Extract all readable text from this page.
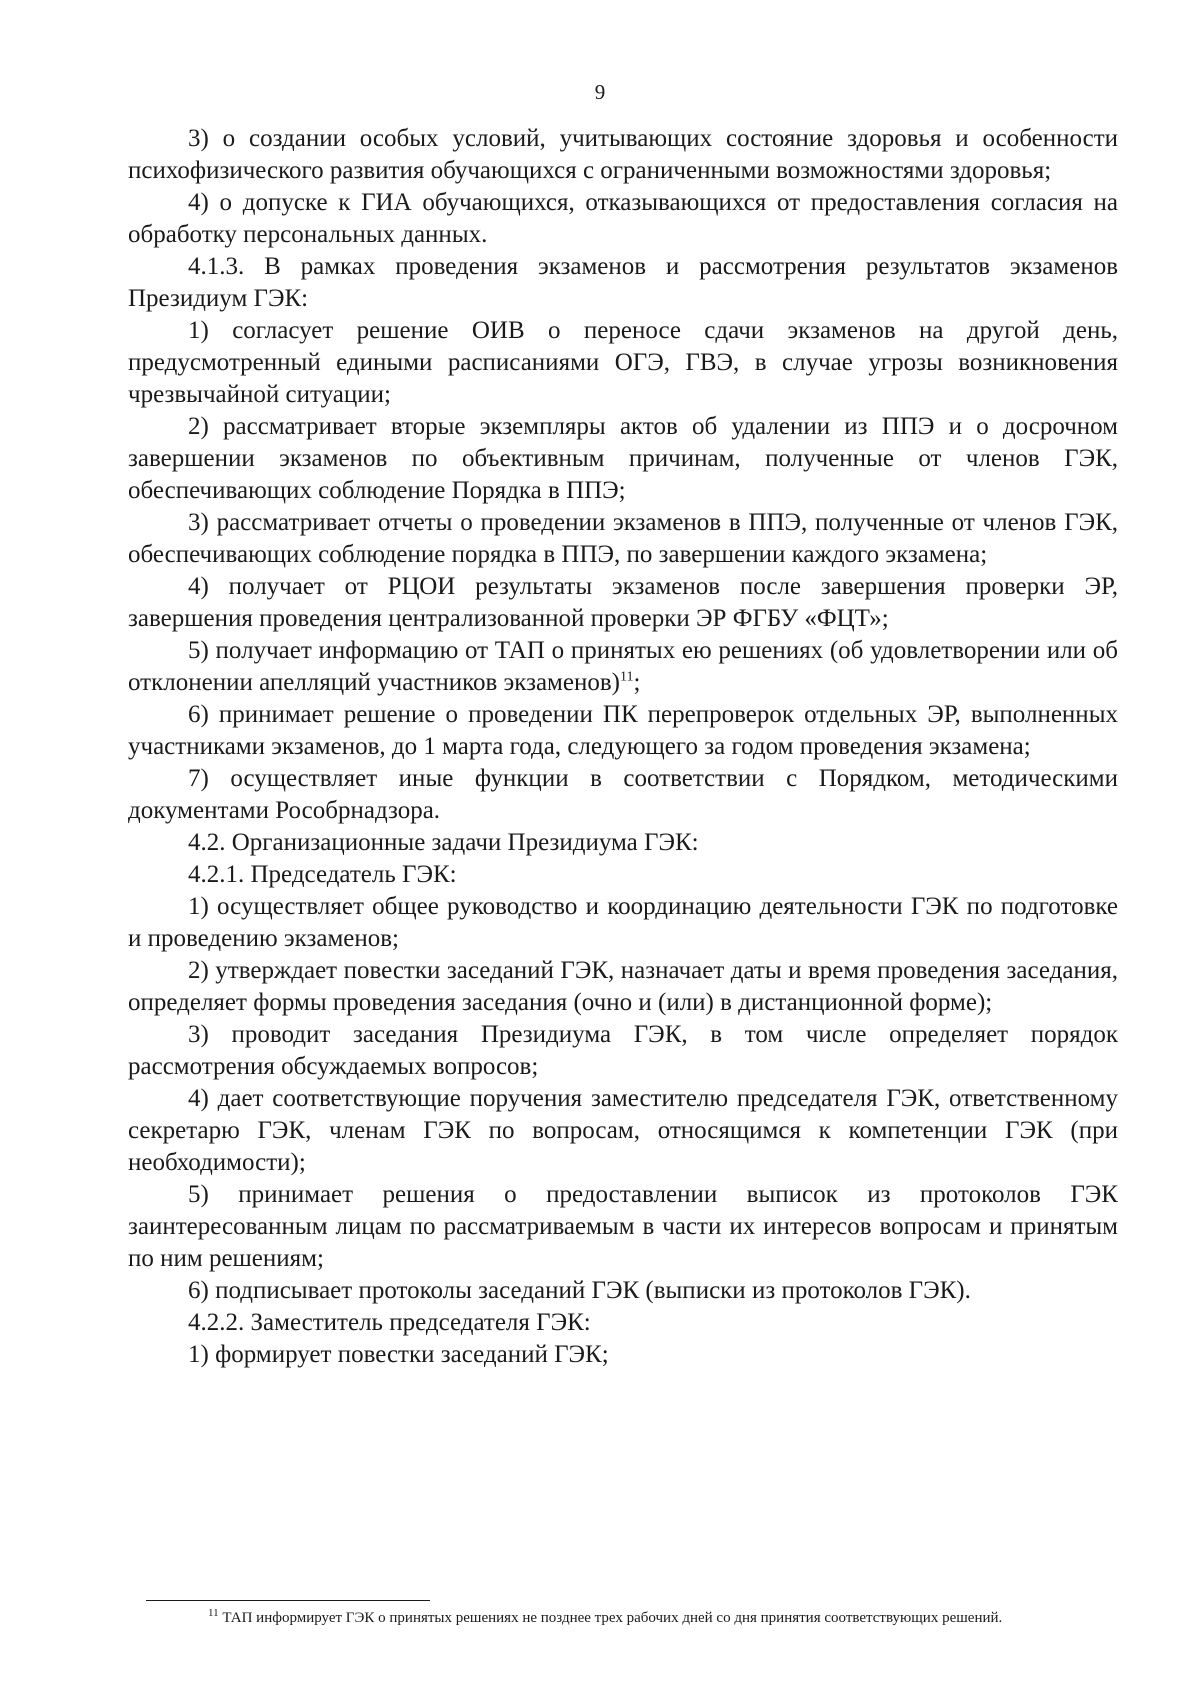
9

3) о создании особых условий, учитывающих состояние здоровья и особенности психофизического развития обучающихся с ограниченными возможностями здоровья;

4) о допуске к ГИА обучающихся, отказывающихся от предоставления согласия на обработку персональных данных.

4.1.3. В рамках проведения экзаменов и рассмотрения результатов экзаменов Президиум ГЭК:

1) согласует решение ОИВ о переносе сдачи экзаменов на другой день, предусмотренный едиными расписаниями ОГЭ, ГВЭ, в случае угрозы возникновения чрезвычайной ситуации;

2) рассматривает вторые экземпляры актов об удалении из ППЭ и о досрочном завершении экзаменов по объективным причинам, полученные от членов ГЭК, обеспечивающих соблюдение Порядка в ППЭ;

3) рассматривает отчеты о проведении экзаменов в ППЭ, полученные от членов ГЭК, обеспечивающих соблюдение порядка в ППЭ, по завершении каждого экзамена;

4) получает от РЦОИ результаты экзаменов после завершения проверки ЭР, завершения проведения централизованной проверки ЭР ФГБУ «ФЦТ»;

5) получает информацию от ТАП о принятых ею решениях (об удовлетворении или об отклонении апелляций участников экзаменов)$^{11}$;

6) принимает решение о проведении ПК перепроверок отдельных ЭР, выполненных участниками экзаменов, до 1 марта года, следующего за годом проведения экзамена;

7) осуществляет иные функции в соответствии с Порядком, методическими документами Рособрнадзора.

4.2. Организационные задачи Президиума ГЭК:

4.2.1. Председатель ГЭК:

1) осуществляет общее руководство и координацию деятельности ГЭК по подготовке и проведению экзаменов;

2) утверждает повестки заседаний ГЭК, назначает даты и время проведения заседания, определяет формы проведения заседания (очно и (или) в дистанционной форме);

3) проводит заседания Президиума ГЭК, в том числе определяет порядок рассмотрения обсуждаемых вопросов;

4) дает соответствующие поручения заместителю председателя ГЭК, ответственному секретарю ГЭК, членам ГЭК по вопросам, относящимся к компетенции ГЭК (при необходимости);

5) принимает решения о предоставлении выписок из протоколов ГЭК заинтересованным лицам по рассматриваемым в части их интересов вопросам и принятым по ним решениям;

6) подписывает протоколы заседаний ГЭК (выписки из протоколов ГЭК).

4.2.2. Заместитель председателя ГЭК:

1) формирует повестки заседаний ГЭК;

$^{11}$ ТАП информирует ГЭК о принятых решениях не позднее трех рабочих дней со дня принятия соответствующих решений.
